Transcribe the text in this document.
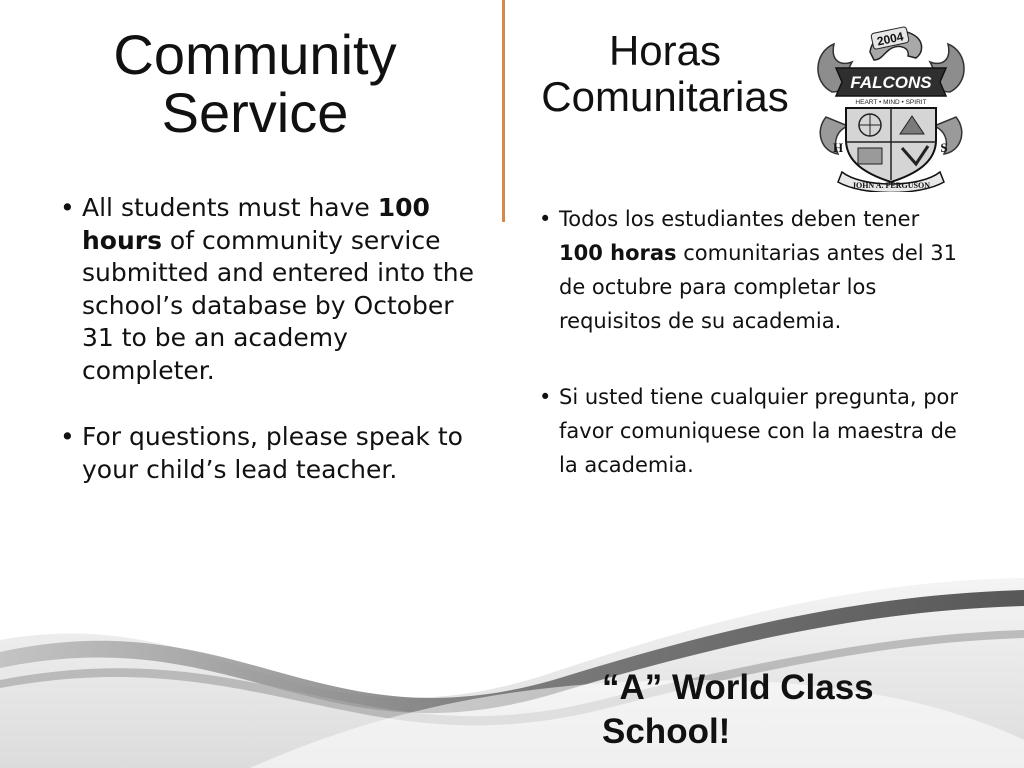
Community
Service
Horas
Comunitarias
2004
FALCONS
HEART • MIND • SPIRIT
H	S
JOHN A. FERGUSON
• All students must have 100 hours of community service submitted and entered into the school’s database by October 31 to be an academy completer.
• For questions, please speak to your child’s lead teacher.
• Todos los estudiantes deben tener 100 horas comunitarias antes del 31 de octubre para completar los requisitos de su academia.
• Si usted tiene cualquier pregunta, por favor comuniquese con la maestra de la academia.
“A” World Class
School!
